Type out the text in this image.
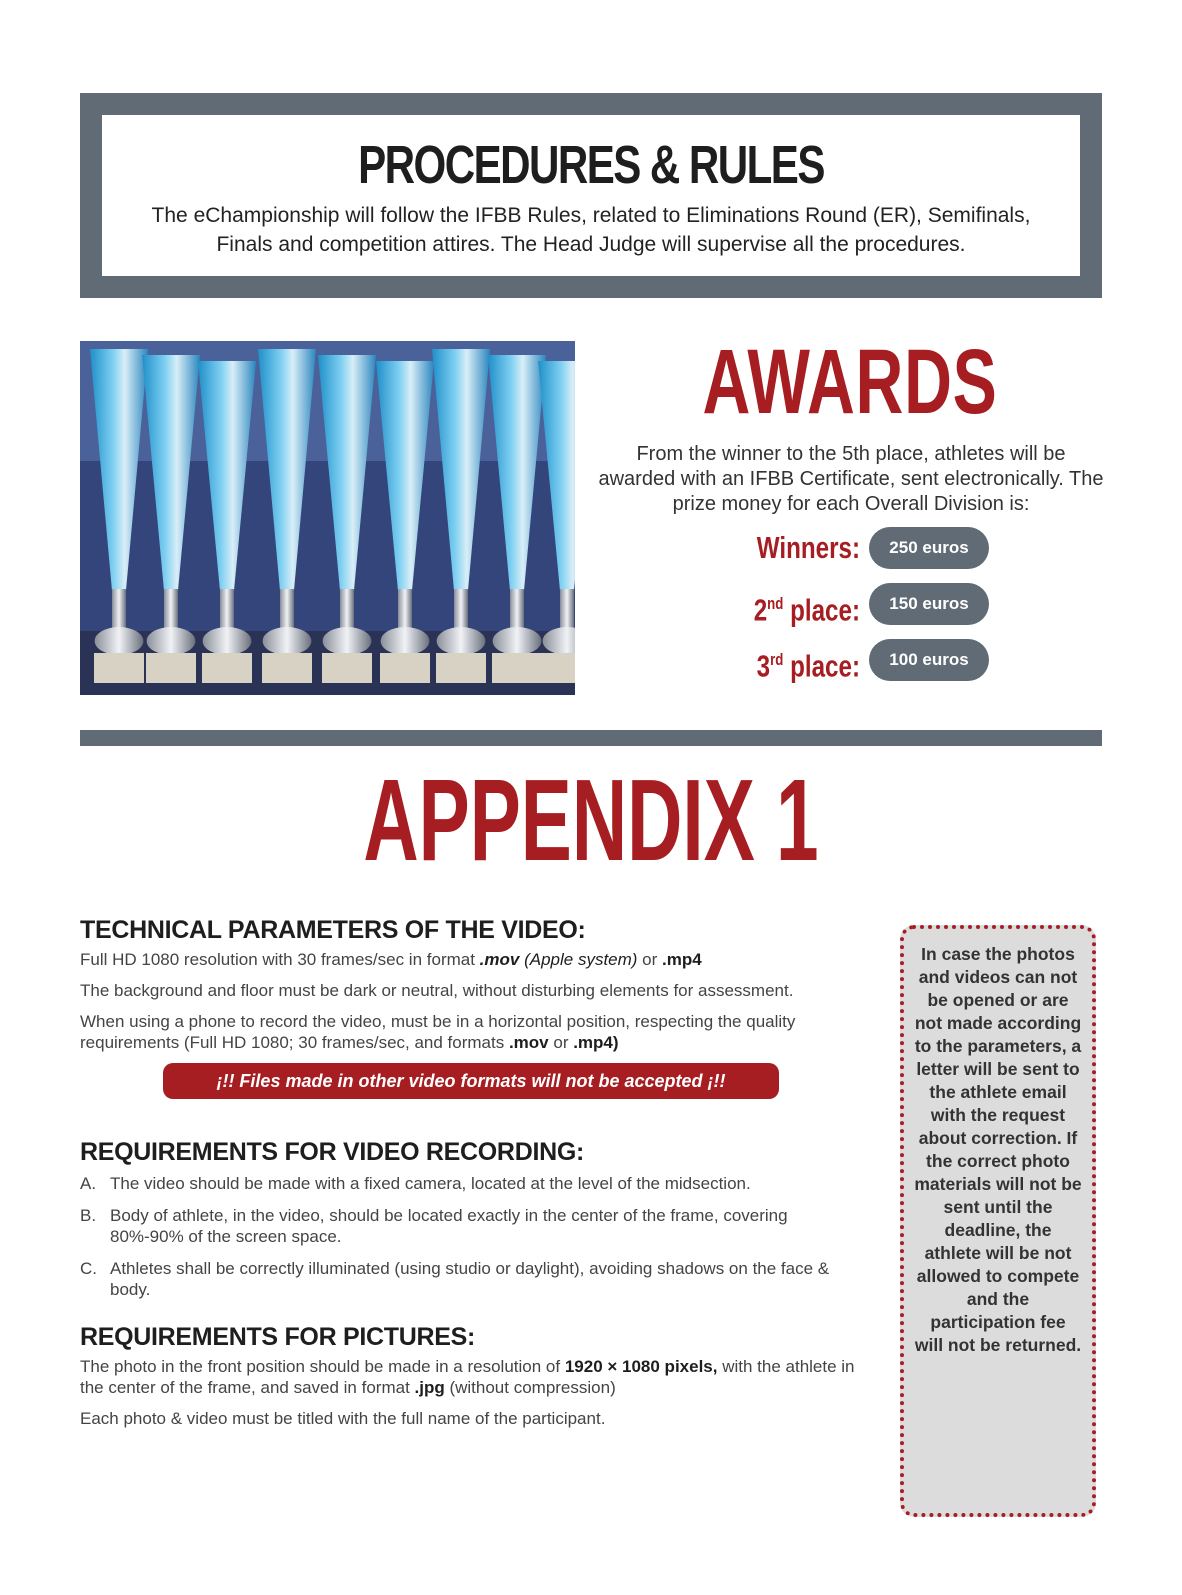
PROCEDURES & RULES
The eChampionship will follow the IFBB Rules, related to Eliminations Round (ER), Semifinals, Finals and competition attires. The Head Judge will supervise all the procedures.
AWARDS
From the winner to the 5th place, athletes will be awarded with an IFBB Certificate, sent electronically. The prize money for each Overall Division is:
Winners:	250 euros
2nd place:	150 euros
3rd place:	100 euros
APPENDIX 1
TECHNICAL PARAMETERS OF THE VIDEO:

Full HD 1080 resolution with 30 frames/sec in format .mov (Apple system) or .mp4

The background and floor must be dark or neutral, without disturbing elements for assessment.

When using a phone to record the video, must be in a horizontal position, respecting the quality requirements (Full HD 1080; 30 frames/sec, and formats .mov or .mp4)

¡!! Files made in other video formats will not be accepted ¡!!
REQUIREMENTS FOR VIDEO RECORDING:
A. The video should be made with a fixed camera, located at the level of the midsection.
B. Body of athlete, in the video, should be located exactly in the center of the frame, covering 80%-90% of the screen space.
C. Athletes shall be correctly illuminated (using studio or daylight), avoiding shadows on the face & body.
REQUIREMENTS FOR PICTURES:

The photo in the front position should be made in a resolution of 1920 × 1080 pixels, with the athlete in the center of the frame, and saved in format .jpg (without compression)

Each photo & video must be titled with the full name of the participant.

In case the photos and videos can not be opened or are not made according to the parameters, a letter will be sent to the athlete email with the request about correction. If the correct photo materials will not be sent until the deadline, the athlete will be not allowed to compete and the participation fee will not be returned.
